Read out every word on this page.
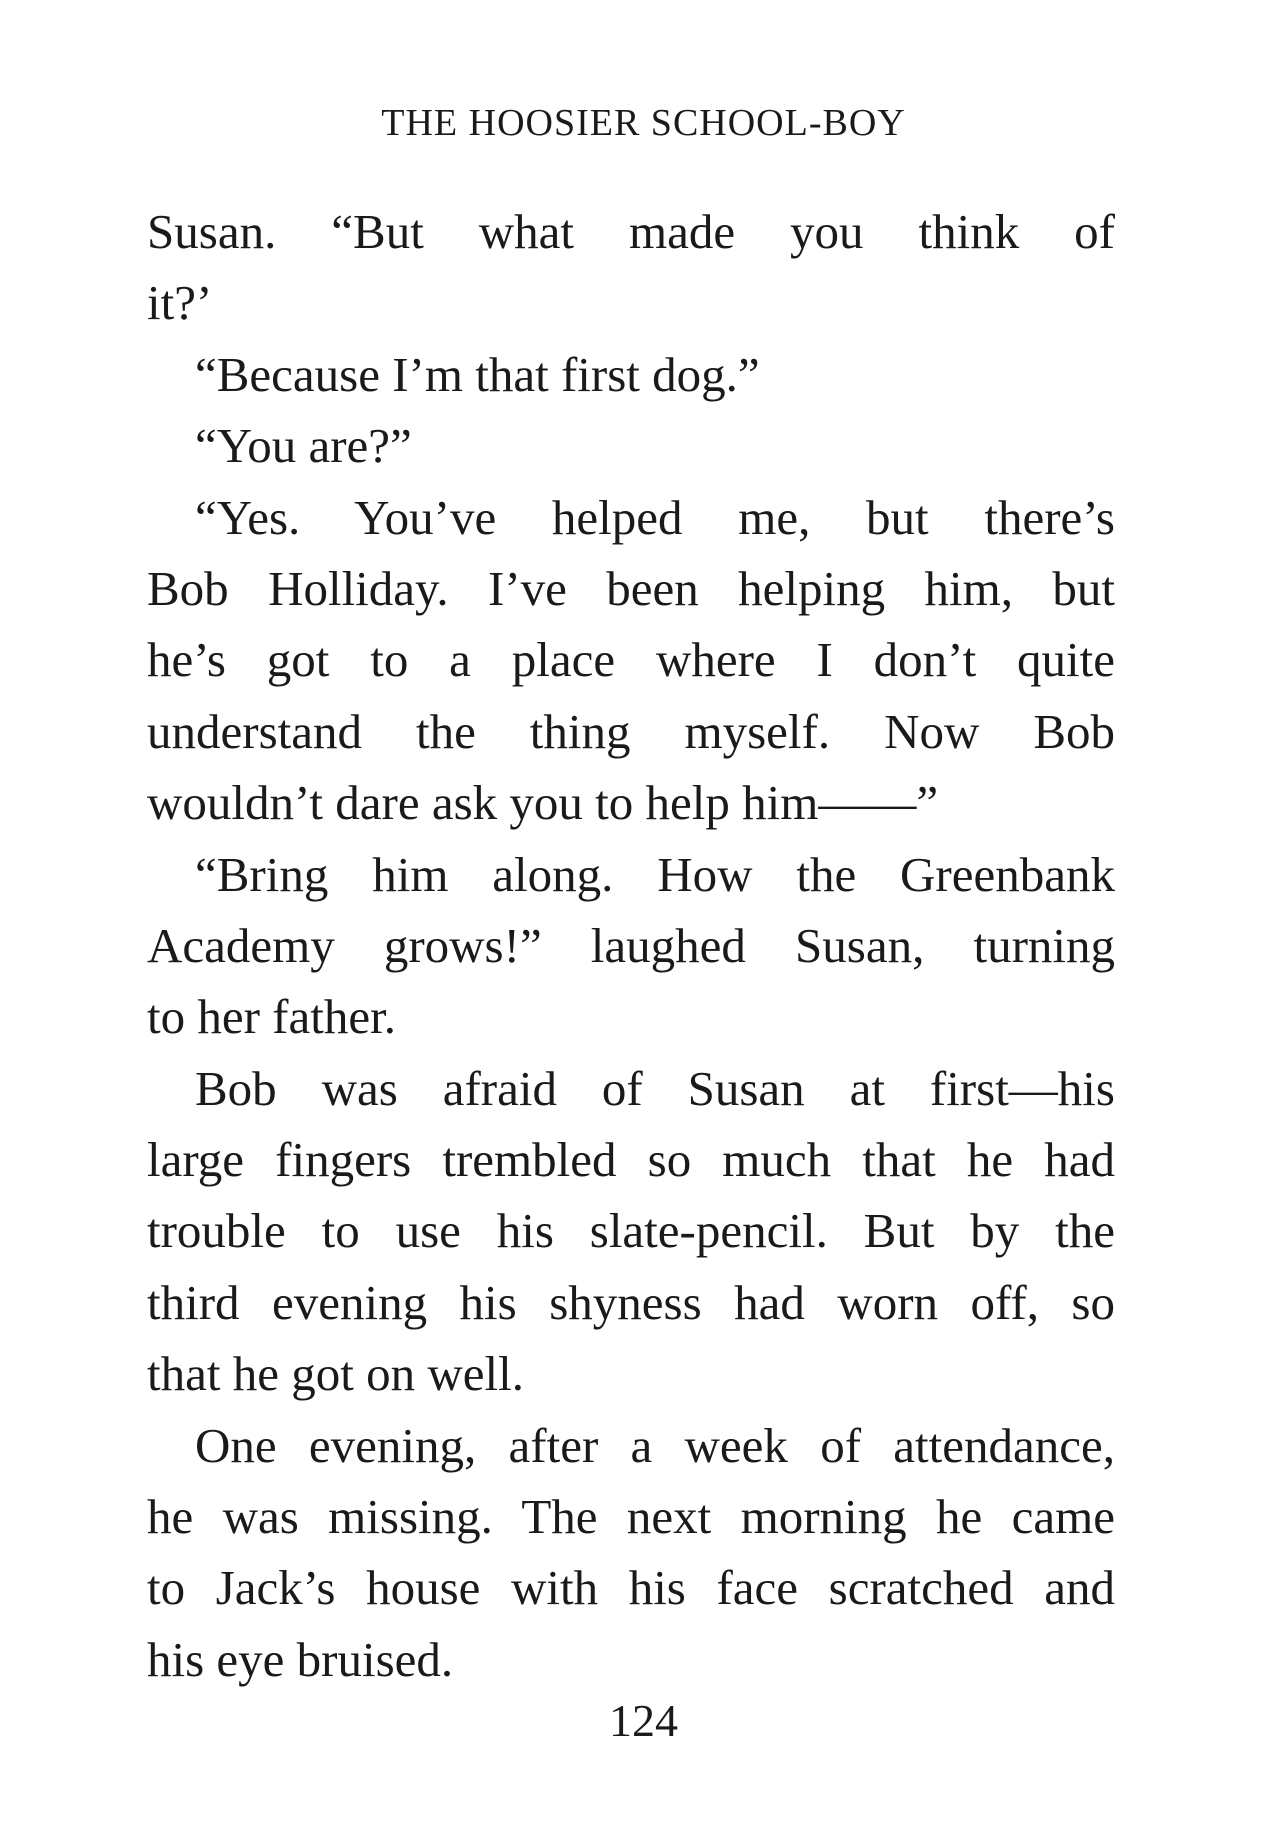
THE HOOSIER SCHOOL-BOY
Susan. “But what made you think of
it?’
“Because I’m that first dog.”
“You are?”
“Yes. You’ve helped me, but there’s
Bob Holliday. I’ve been helping him, but
he’s got to a place where I don’t quite
understand the thing myself. Now Bob
wouldn’t dare ask you to help him——”
“Bring him along. How the Greenbank
Academy grows!” laughed Susan, turning
to her father.
Bob was afraid of Susan at first—his
large fingers trembled so much that he had
trouble to use his slate-pencil. But by the
third evening his shyness had worn off, so
that he got on well.
One evening, after a week of attendance,
he was missing. The next morning he came
to Jack’s house with his face scratched and
his eye bruised.
124
